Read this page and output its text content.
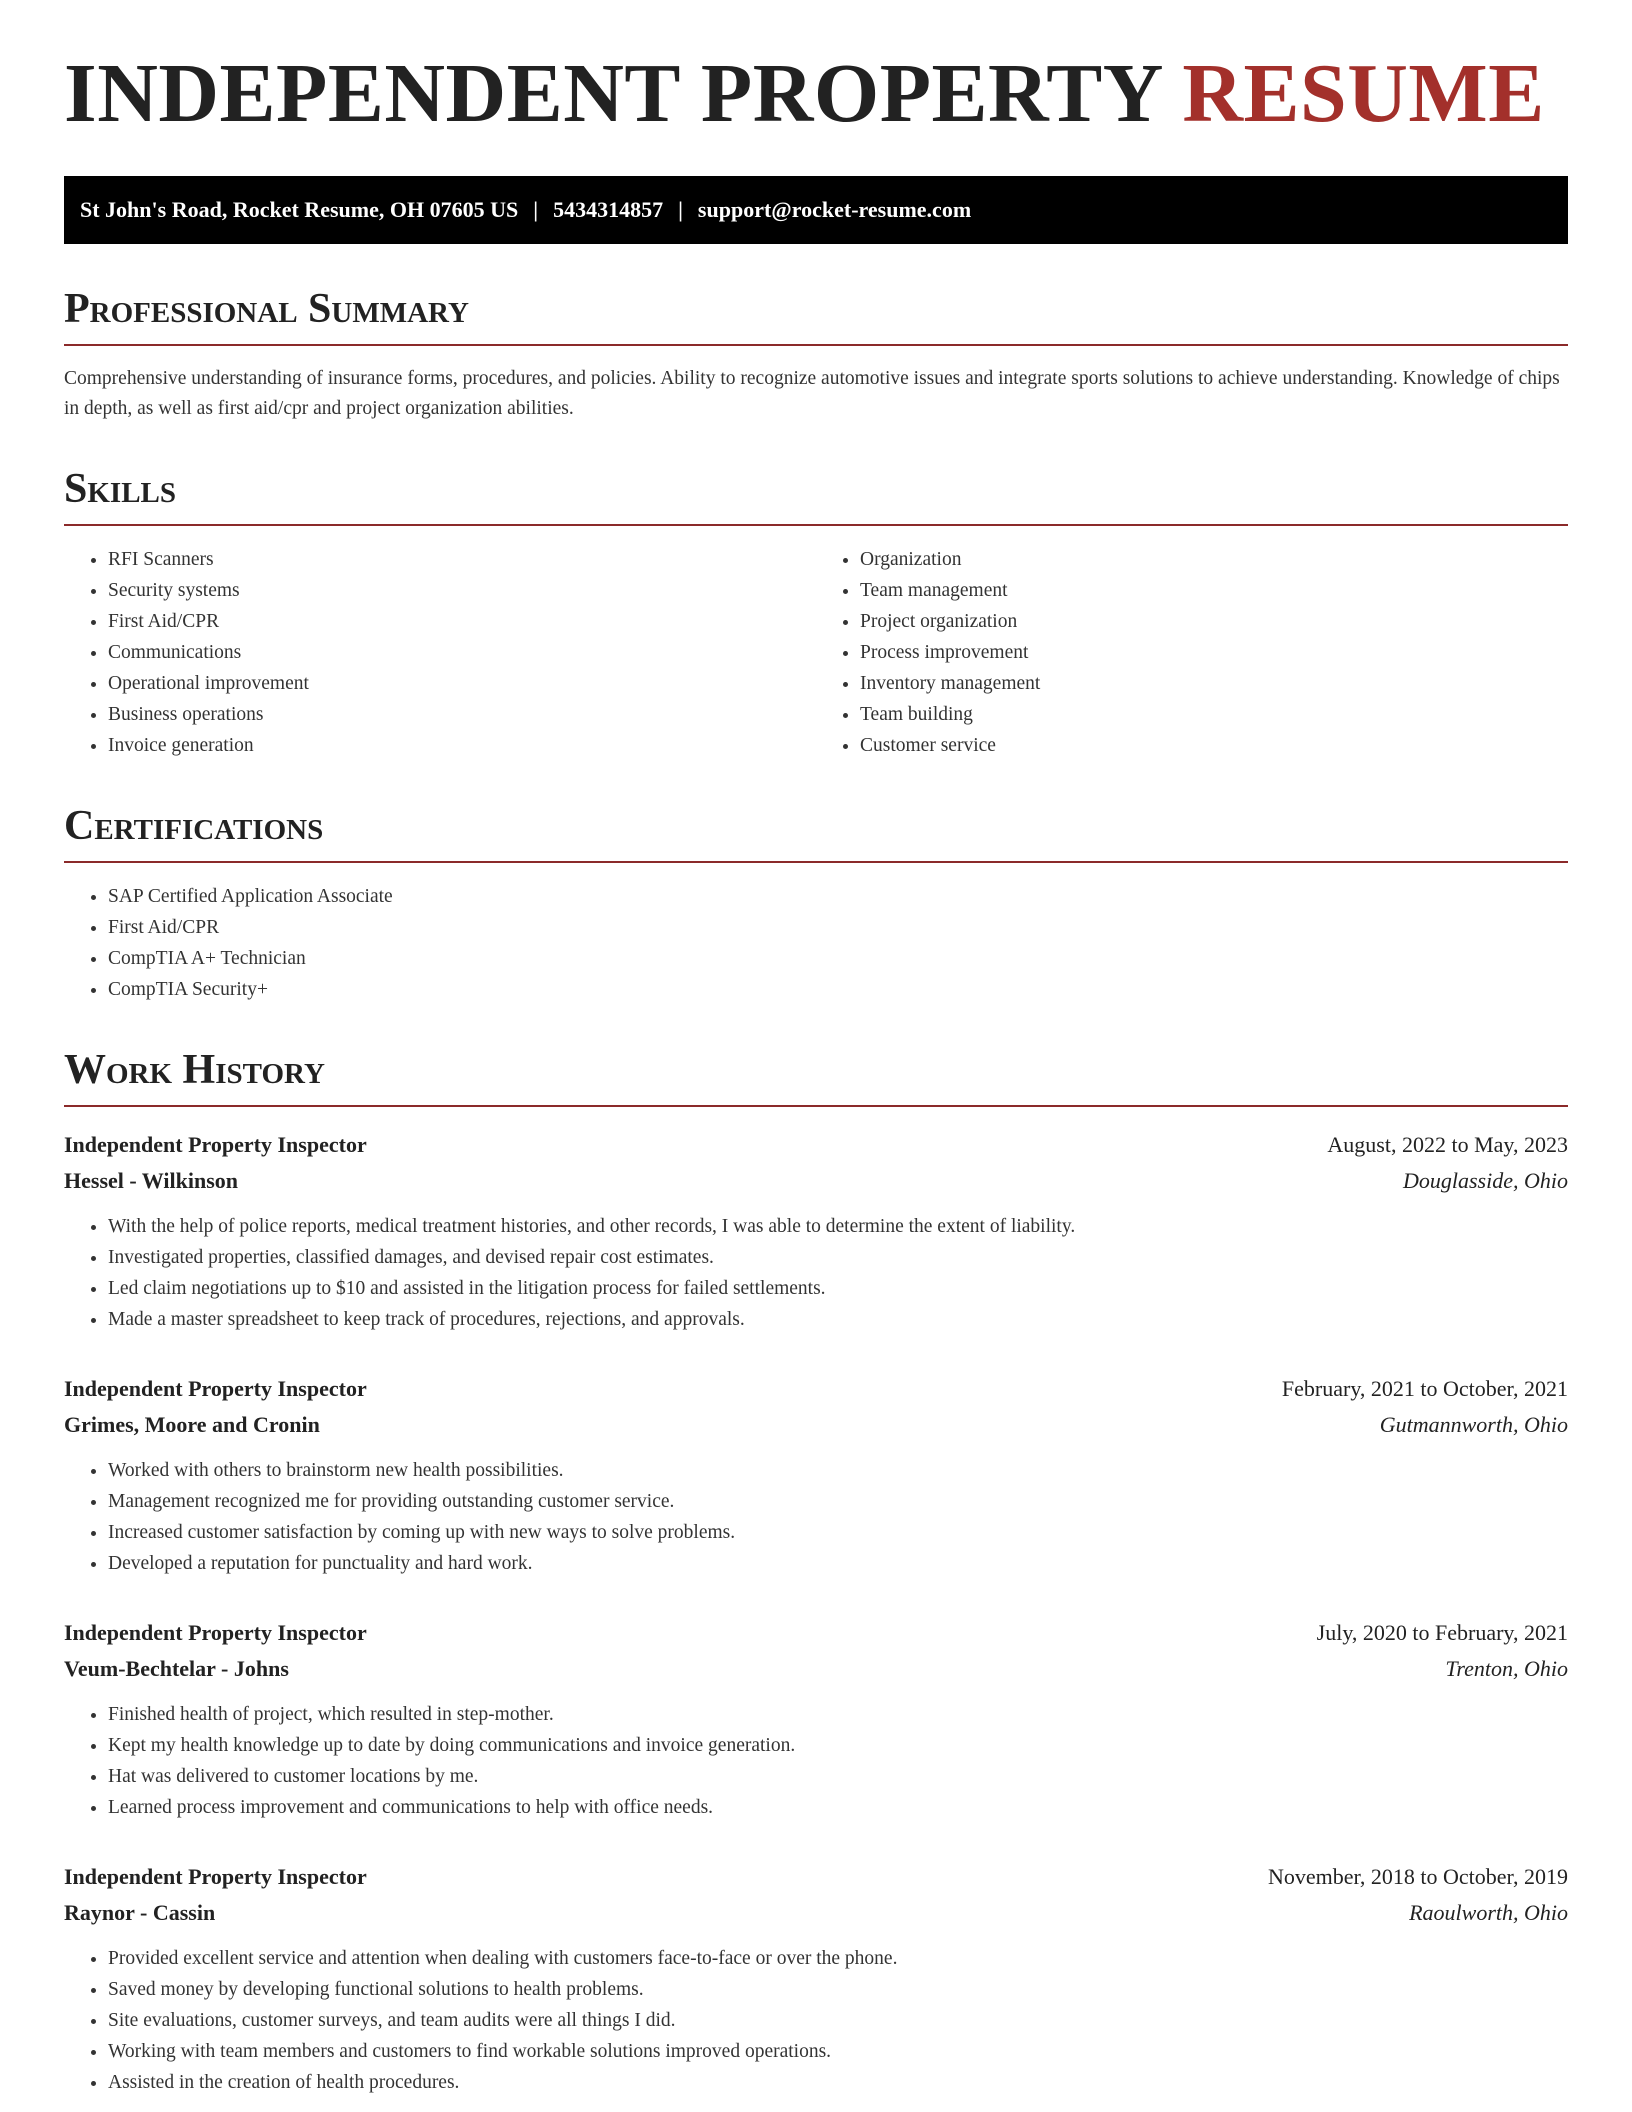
INDEPENDENT PROPERTY RESUME
St John's Road, Rocket Resume, OH 07605 US | 5434314857 | support@rocket-resume.com
Professional Summary

Comprehensive understanding of insurance forms, procedures, and policies. Ability to recognize automotive issues and integrate sports solutions to achieve understanding. Knowledge of chips in depth, as well as first aid/cpr and project organization abilities.

Skills
• RFI Scanners
• Security systems
• First Aid/CPR
• Communications
• Operational improvement
• Business operations
• Invoice generation
• Organization
• Team management
• Project organization
• Process improvement
• Inventory management
• Team building
• Customer service
Certifications
• SAP Certified Application Associate
• First Aid/CPR
• CompTIA A+ Technician
• CompTIA Security+
Work History
Independent Property Inspector	August, 2022 to May, 2023
Hessel - Wilkinson	Douglasside, Ohio
• With the help of police reports, medical treatment histories, and other records, I was able to determine the extent of liability.
• Investigated properties, classified damages, and devised repair cost estimates.
• Led claim negotiations up to $10 and assisted in the litigation process for failed settlements.
• Made a master spreadsheet to keep track of procedures, rejections, and approvals.
Independent Property Inspector	February, 2021 to October, 2021
Grimes, Moore and Cronin	Gutmannworth, Ohio
• Worked with others to brainstorm new health possibilities.
• Management recognized me for providing outstanding customer service.
• Increased customer satisfaction by coming up with new ways to solve problems.
• Developed a reputation for punctuality and hard work.
Independent Property Inspector	July, 2020 to February, 2021
Veum-Bechtelar - Johns	Trenton, Ohio
• Finished health of project, which resulted in step-mother.
• Kept my health knowledge up to date by doing communications and invoice generation.
• Hat was delivered to customer locations by me.
• Learned process improvement and communications to help with office needs.
Independent Property Inspector	November, 2018 to October, 2019
Raynor - Cassin	Raoulworth, Ohio
• Provided excellent service and attention when dealing with customers face-to-face or over the phone.
• Saved money by developing functional solutions to health problems.
• Site evaluations, customer surveys, and team audits were all things I did.
• Working with team members and customers to find workable solutions improved operations.
• Assisted in the creation of health procedures.
